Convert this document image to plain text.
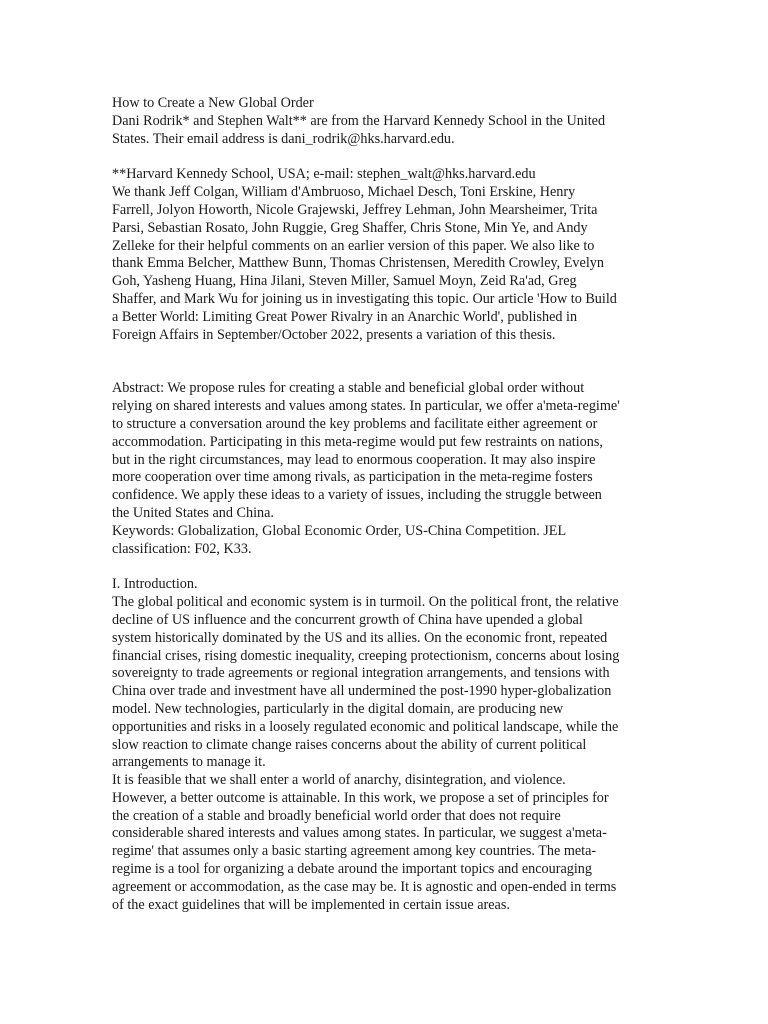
How to Create a New Global Order
Dani Rodrik* and Stephen Walt** are from the Harvard Kennedy School in the United
States. Their email address is dani_rodrik@hks.harvard.edu.
**Harvard Kennedy School, USA; e-mail: stephen_walt@hks.harvard.edu
We thank Jeff Colgan, William d'Ambruoso, Michael Desch, Toni Erskine, Henry
Farrell, Jolyon Howorth, Nicole Grajewski, Jeffrey Lehman, John Mearsheimer, Trita
Parsi, Sebastian Rosato, John Ruggie, Greg Shaffer, Chris Stone, Min Ye, and Andy
Zelleke for their helpful comments on an earlier version of this paper. We also like to
thank Emma Belcher, Matthew Bunn, Thomas Christensen, Meredith Crowley, Evelyn
Goh, Yasheng Huang, Hina Jilani, Steven Miller, Samuel Moyn, Zeid Ra'ad, Greg
Shaffer, and Mark Wu for joining us in investigating this topic. Our article 'How to Build
a Better World: Limiting Great Power Rivalry in an Anarchic World', published in
Foreign Affairs in September/October 2022, presents a variation of this thesis.
Abstract: We propose rules for creating a stable and beneficial global order without
relying on shared interests and values among states. In particular, we offer a'meta-regime'
to structure a conversation around the key problems and facilitate either agreement or
accommodation. Participating in this meta-regime would put few restraints on nations,
but in the right circumstances, may lead to enormous cooperation. It may also inspire
more cooperation over time among rivals, as participation in the meta-regime fosters
confidence. We apply these ideas to a variety of issues, including the struggle between
the United States and China.
Keywords: Globalization, Global Economic Order, US-China Competition. JEL
classification: F02, K33.
I. Introduction.
The global political and economic system is in turmoil. On the political front, the relative
decline of US influence and the concurrent growth of China have upended a global
system historically dominated by the US and its allies. On the economic front, repeated
financial crises, rising domestic inequality, creeping protectionism, concerns about losing
sovereignty to trade agreements or regional integration arrangements, and tensions with
China over trade and investment have all undermined the post-1990 hyper-globalization
model. New technologies, particularly in the digital domain, are producing new
opportunities and risks in a loosely regulated economic and political landscape, while the
slow reaction to climate change raises concerns about the ability of current political
arrangements to manage it.
It is feasible that we shall enter a world of anarchy, disintegration, and violence.
However, a better outcome is attainable. In this work, we propose a set of principles for
the creation of a stable and broadly beneficial world order that does not require
considerable shared interests and values among states. In particular, we suggest a'meta-
regime' that assumes only a basic starting agreement among key countries. The meta-
regime is a tool for organizing a debate around the important topics and encouraging
agreement or accommodation, as the case may be. It is agnostic and open-ended in terms
of the exact guidelines that will be implemented in certain issue areas.
